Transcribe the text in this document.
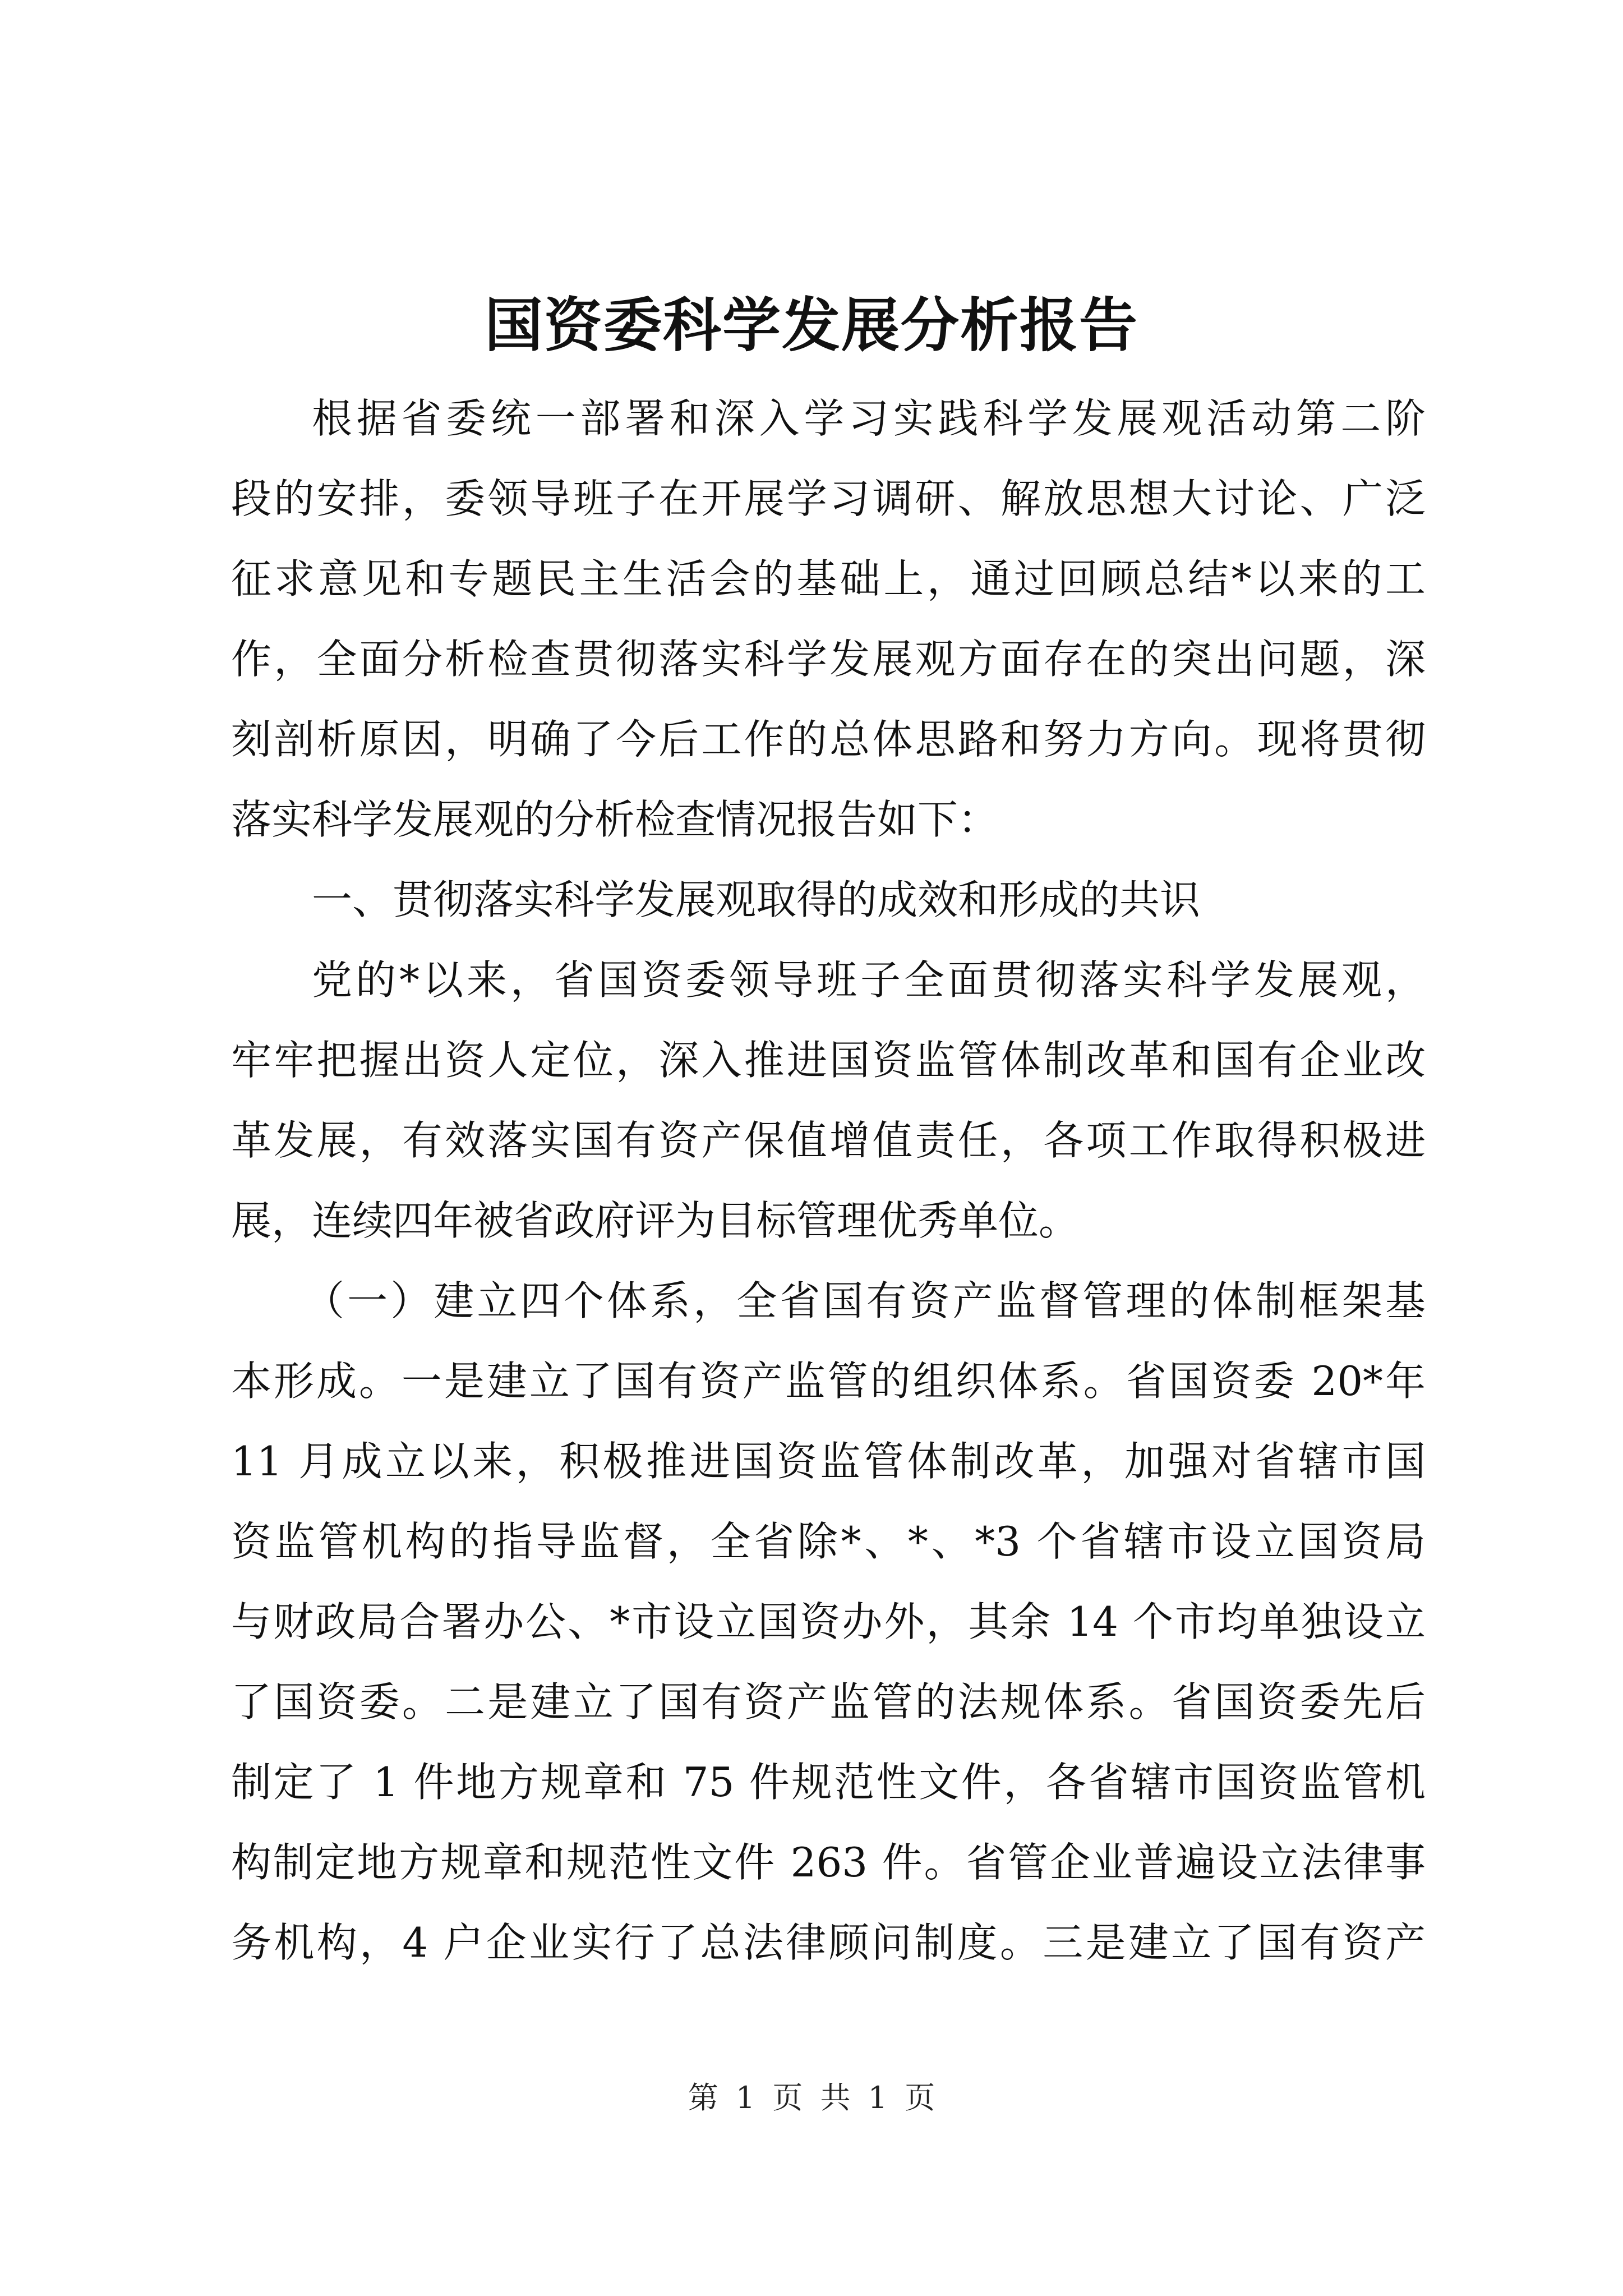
国资委科学发展分析报告
根据省委统一部署和深入学习实践科学发展观活动第二阶
段的安排，委领导班子在开展学习调研、解放思想大讨论、广泛
征求意见和专题民主生活会的基础上，通过回顾总结*以来的工
作，全面分析检查贯彻落实科学发展观方面存在的突出问题，深
刻剖析原因，明确了今后工作的总体思路和努力方向。现将贯彻
落实科学发展观的分析检查情况报告如下：
一、贯彻落实科学发展观取得的成效和形成的共识
党的*以来，省国资委领导班子全面贯彻落实科学发展观，
牢牢把握出资人定位，深入推进国资监管体制改革和国有企业改
革发展，有效落实国有资产保值增值责任，各项工作取得积极进
展，连续四年被省政府评为目标管理优秀单位。
（一）建立四个体系，全省国有资产监督管理的体制框架基
本形成。一是建立了国有资产监管的组织体系。省国资委 20*年
11 月成立以来，积极推进国资监管体制改革，加强对省辖市国
资监管机构的指导监督，全省除*、*、*3 个省辖市设立国资局
与财政局合署办公、*市设立国资办外，其余 14 个市均单独设立
了国资委。二是建立了国有资产监管的法规体系。省国资委先后
制定了 1 件地方规章和 75 件规范性文件，各省辖市国资监管机
构制定地方规章和规范性文件 263 件。省管企业普遍设立法律事
务机构，4 户企业实行了总法律顾问制度。三是建立了国有资产
第 1 页 共 1 页
